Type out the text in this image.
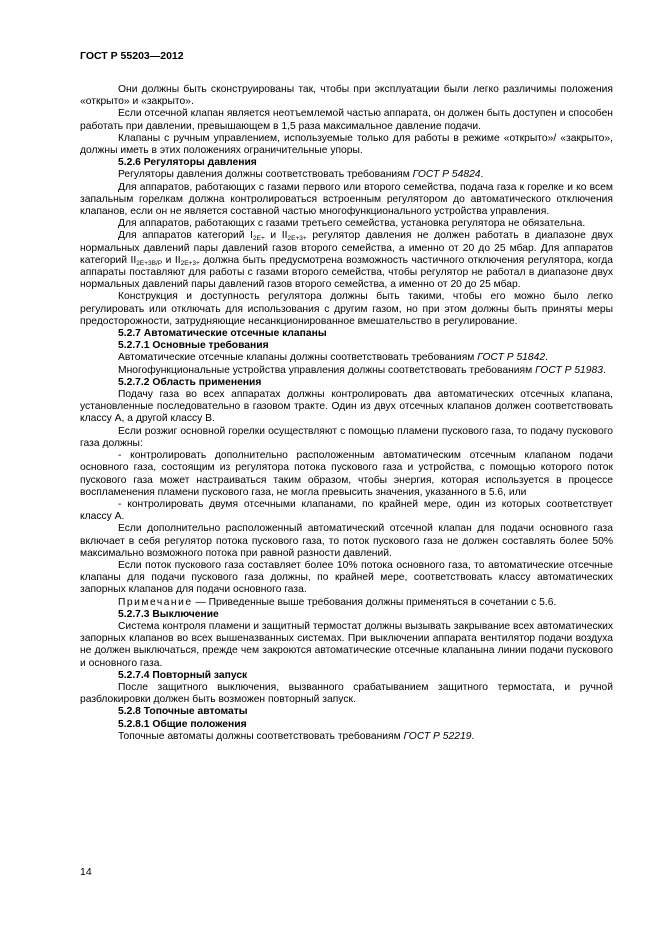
ГОСТ Р 55203—2012

Они должны быть сконструированы так, чтобы при эксплуатации были легко различимы положения «открыто» и «закрыто».

Если отсечной клапан является неотъемлемой частью аппарата, он должен быть доступен и способен работать при давлении, превышающем в 1,5 раза максимальное давление подачи.

Клапаны с ручным управлением, используемые только для работы в режиме «открыто»/ «закрыто», должны иметь в этих положениях ограничительные упоры.

5.2.6 Регуляторы давления

Регуляторы давления должны соответствовать требованиям ГОСТ Р 54824.

Для аппаратов, работающих с газами первого или второго семейства, подача газа к горелке и ко всем запальным горелкам должна контролироваться встроенным регулятором до автоматического отключения клапанов, если он не является составной частью многофункционального устройства управления.

Для аппаратов, работающих с газами третьего семейства, установка регулятора не обязательна.

Для аппаратов категорий $I_{2E+}$ и $II_{2E+3+}$ регулятор давления не должен работать в диапазоне двух нормальных давлений пары давлений газов второго семейства, а именно от 20 до 25 мбар. Для аппаратов категорий $II_{2E+3B/P}$ и $II_{2E+3+}$ должна быть предусмотрена возможность частичного отключения регулятора, когда аппараты поставляют для работы с газами второго семейства, чтобы регулятор не работал в диапазоне двух нормальных давлений пары давлений газов второго семейства, а именно от 20 до 25 мбар.

Конструкция и доступность регулятора должны быть такими, чтобы его можно было легко регулировать или отключать для использования с другим газом, но при этом должны быть приняты меры предосторожности, затрудняющие несанкционированное вмешательство в регулирование.

5.2.7 Автоматические отсечные клапаны

5.2.7.1 Основные требования

Автоматические отсечные клапаны должны соответствовать требованиям ГОСТ Р 51842.

Многофункциональные устройства управления должны соответствовать требованиям ГОСТ Р 51983.

5.2.7.2 Область применения

Подачу газа во всех аппаратах должны контролировать два автоматических отсечных клапана, установленные последовательно в газовом тракте. Один из двух отсечных клапанов должен соответствовать классу А, а другой классу В.

Если розжиг основной горелки осуществляют с помощью пламени пускового газа, то подачу пускового газа должны:

- контролировать дополнительно расположенным автоматическим отсечным клапаном подачи основного газа, состоящим из регулятора потока пускового газа и устройства, с помощью которого поток пускового газа может настраиваться таким образом, чтобы энергия, которая используется в процессе воспламенения пламени пускового газа, не могла превысить значения, указанного в 5.6, или

- контролировать двумя отсечными клапанами, по крайней мере, один из которых соответствует классу А.

Если дополнительно расположенный автоматический отсечной клапан для подачи основного газа включает в себя регулятор потока пускового газа, то поток пускового газа не должен составлять более 50% максимально возможного потока при равной разности давлений.

Если поток пускового газа составляет более 10% потока основного газа, то автоматические отсечные клапаны для подачи пускового газа должны, по крайней мере, соответствовать классу автоматических запорных клапанов для подачи основного газа.

Примечание — Приведенные выше требования должны применяться в сочетании с 5.6.

5.2.7.3 Выключение

Система контроля пламени и защитный термостат должны вызывать закрывание всех автоматических запорных клапанов во всех вышеназванных системах. При выключении аппарата вентилятор подачи воздуха не должен выключаться, прежде чем закроются автоматические отсечные клапанына линии подачи пускового и основного газа.

5.2.7.4 Повторный запуск

После защитного выключения, вызванного срабатыванием защитного термостата, и ручной разблокировки должен быть возможен повторный запуск.

5.2.8 Топочные автоматы

5.2.8.1 Общие положения

Топочные автоматы должны соответствовать требованиям ГОСТ Р 52219.

14
